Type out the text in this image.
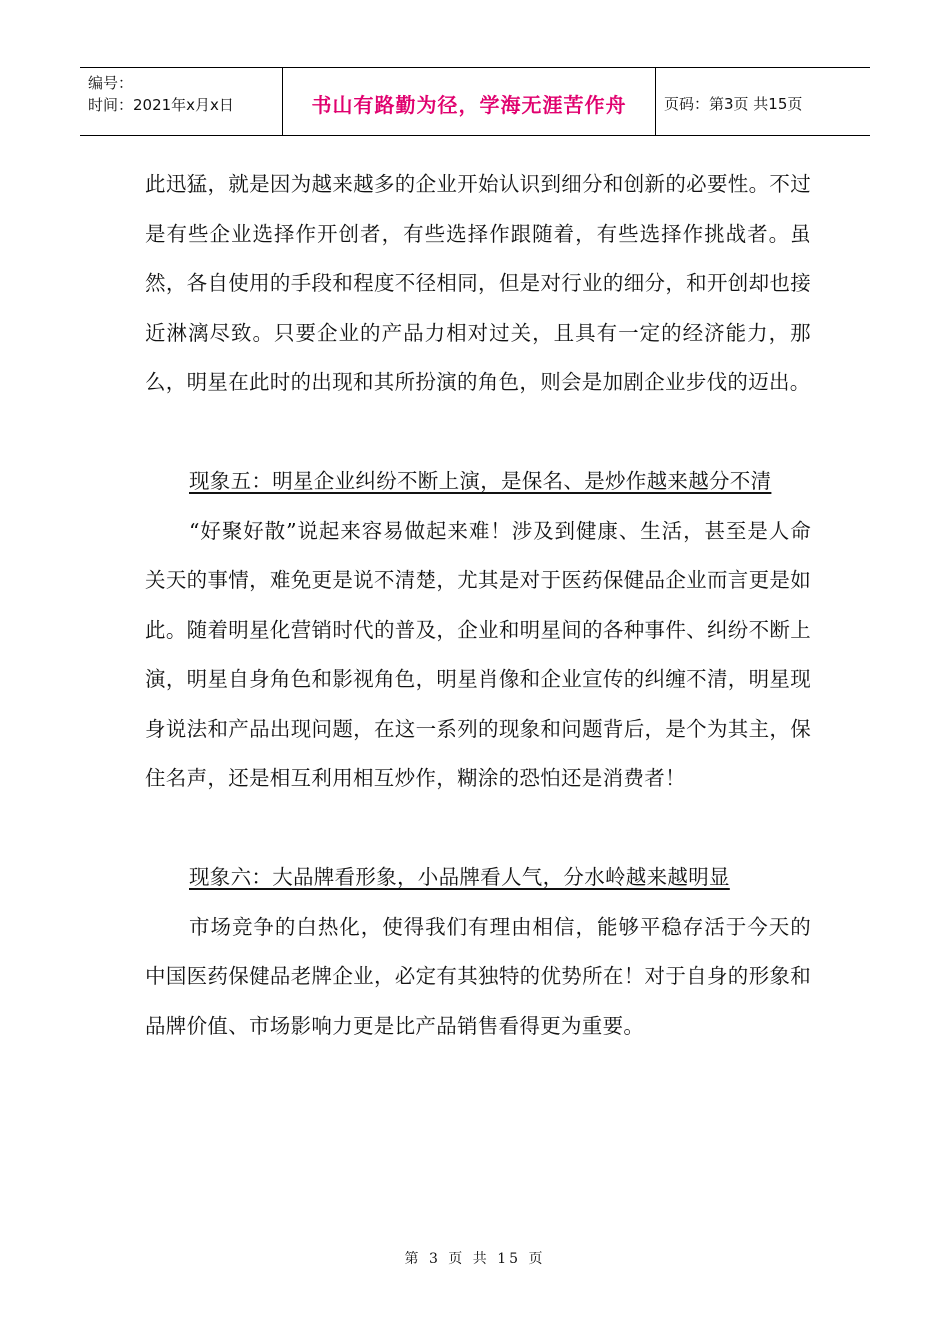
编号：
时间：2021年x月x日	书山有路勤为径，学海无涯苦作舟	页码：第3页 共15页

此迅猛，就是因为越来越多的企业开始认识到细分和创新的必要性。不过是有些企业选择作开创者，有些选择作跟随着，有些选择作挑战者。虽然，各自使用的手段和程度不径相同，但是对行业的细分，和开创却也接近淋漓尽致。只要企业的产品力相对过关，且具有一定的经济能力，那么，明星在此时的出现和其所扮演的角色，则会是加剧企业步伐的迈出。

现象五：明星企业纠纷不断上演，是保名、是炒作越来越分不清

“好聚好散”说起来容易做起来难！涉及到健康、生活，甚至是人命关天的事情，难免更是说不清楚，尤其是对于医药保健品企业而言更是如此。随着明星化营销时代的普及，企业和明星间的各种事件、纠纷不断上演，明星自身角色和影视角色，明星肖像和企业宣传的纠缠不清，明星现身说法和产品出现问题，在这一系列的现象和问题背后，是个为其主，保住名声，还是相互利用相互炒作，糊涂的恐怕还是消费者！

现象六：大品牌看形象，小品牌看人气，分水岭越来越明显

市场竞争的白热化，使得我们有理由相信，能够平稳存活于今天的中国医药保健品老牌企业，必定有其独特的优势所在！对于自身的形象和品牌价值、市场影响力更是比产品销售看得更为重要。

第 3 页 共 15 页
